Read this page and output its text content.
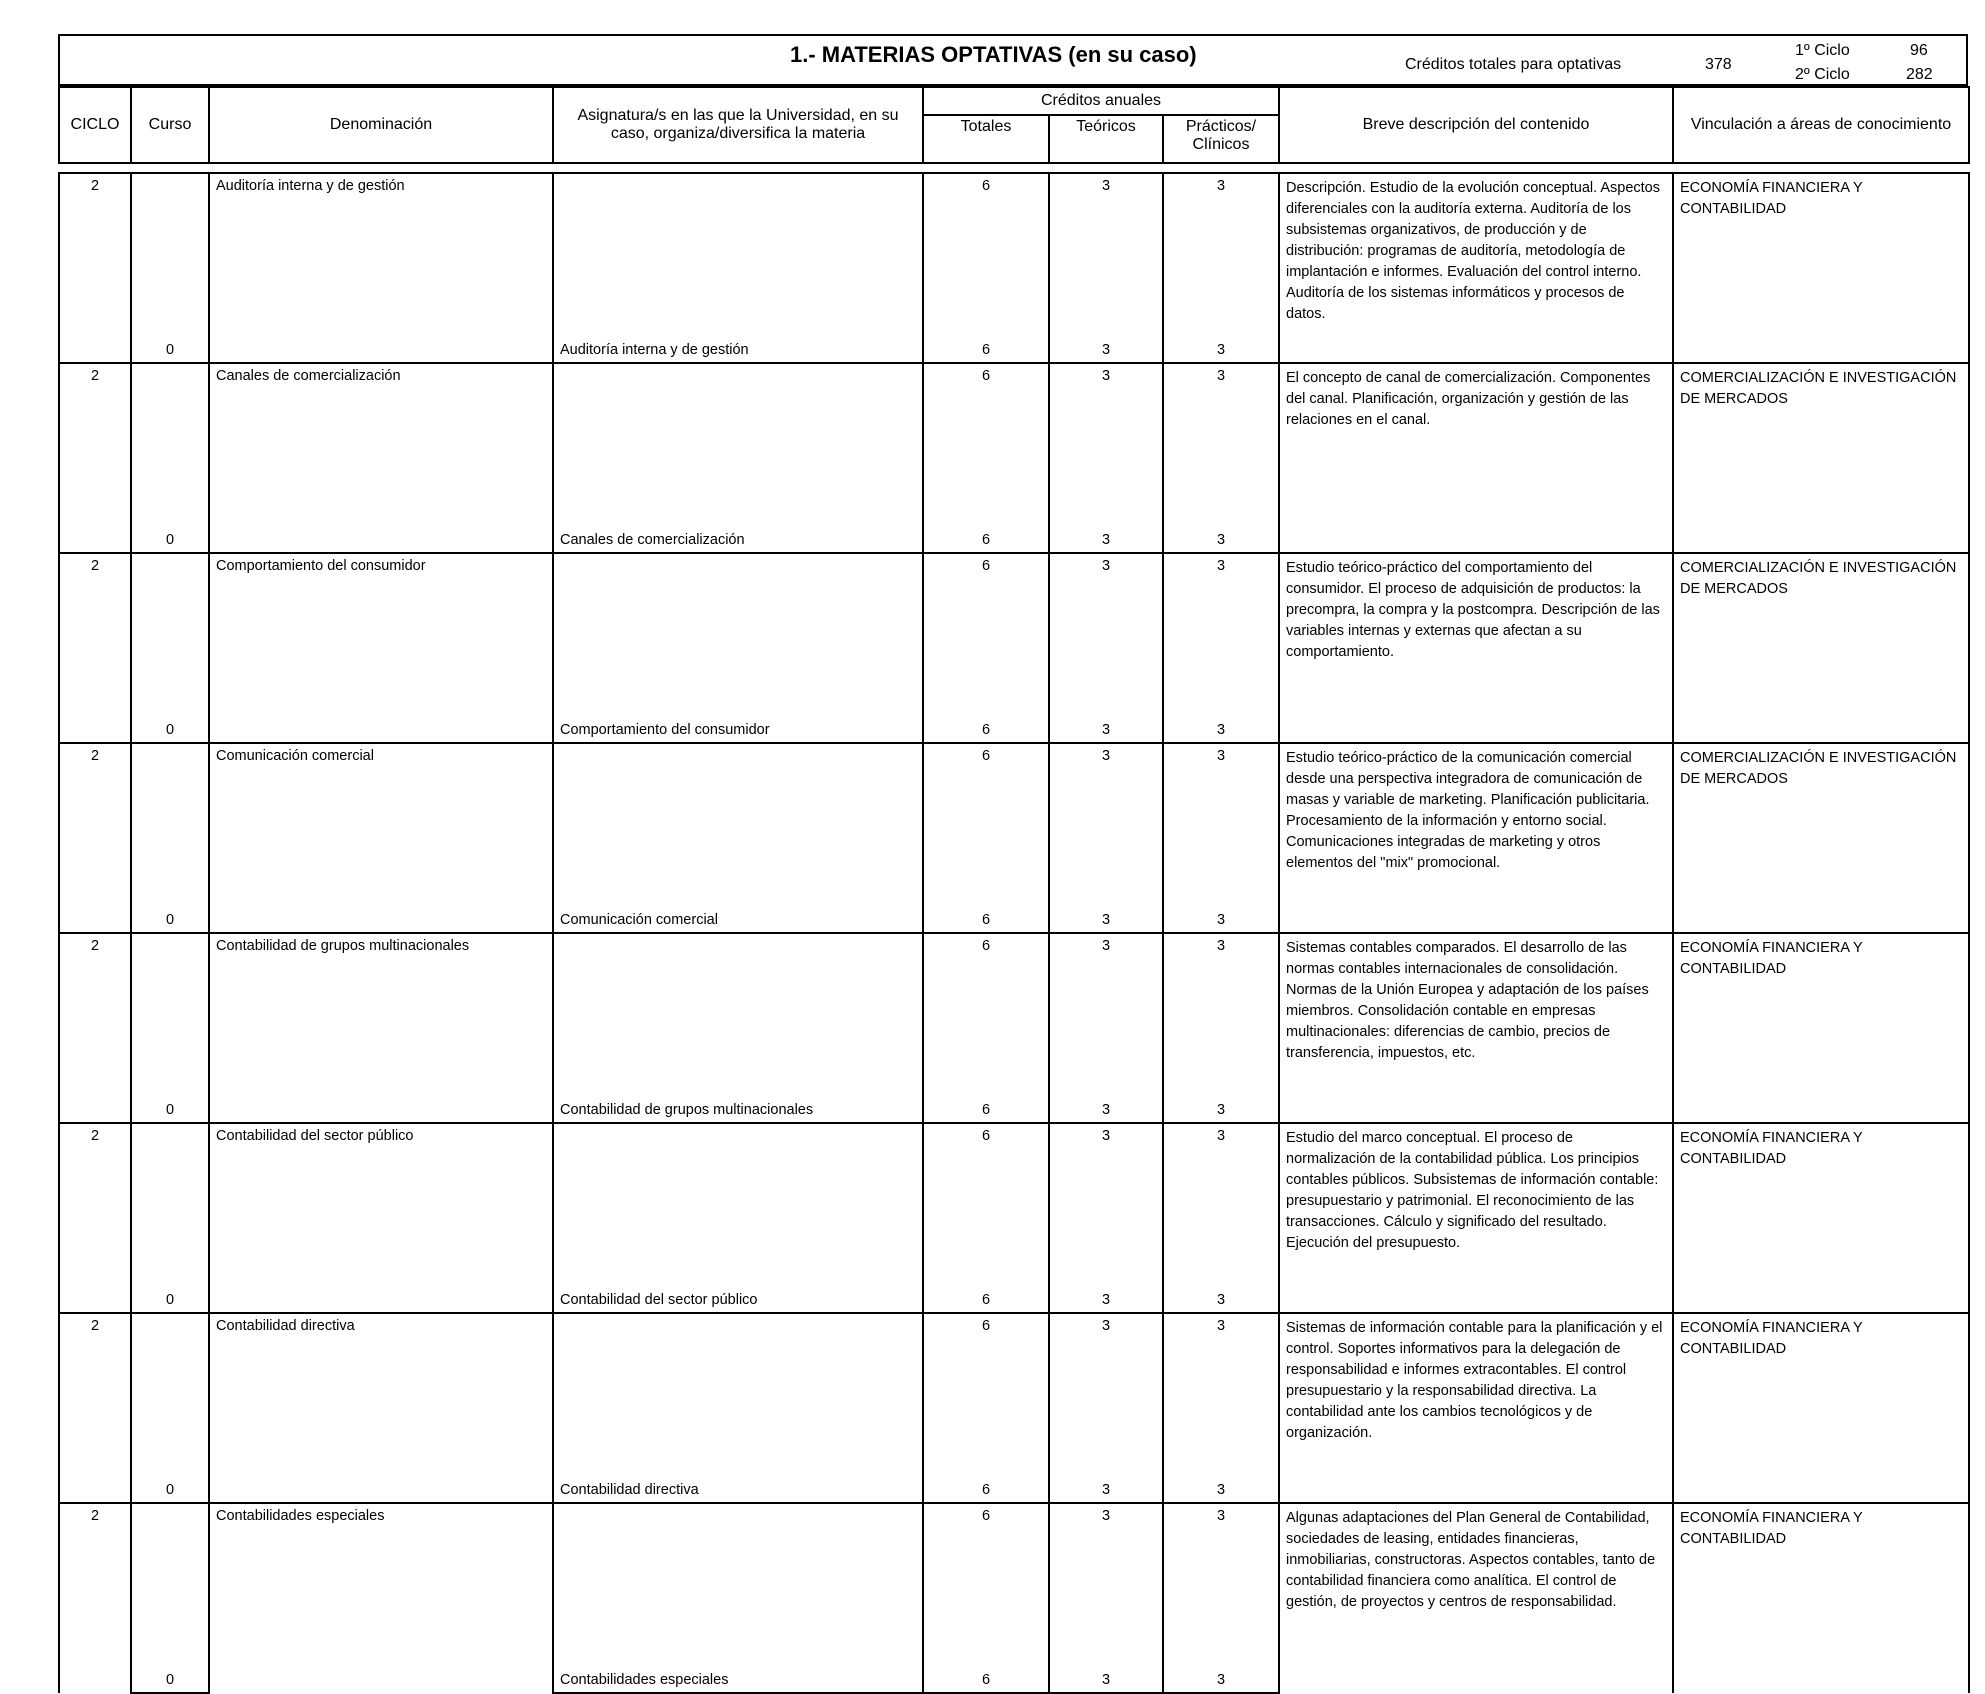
1.- MATERIAS OPTATIVAS (en su caso)	Créditos totales para optativas	378
1º Ciclo	96
2º Ciclo	282
CICLO	Curso	Denominación	Asignatura/s en las que la Universidad, en su caso, organiza/diversifica la materia	Créditos anuales			Breve descripción del contenido	Vinculación a áreas de conocimiento
				Totales	Teóricos	Prácticos/ Clínicos		
2		Auditoría interna y de gestión		6	3	3	Descripción. Estudio de la evolución conceptual. Aspectos diferenciales con la auditoría externa. Auditoría de los subsistemas organizativos, de producción y de distribución: programas de auditoría, metodología de implantación e informes. Evaluación del control interno. Auditoría de los sistemas informáticos y procesos de datos.	ECONOMÍA FINANCIERA Y CONTABILIDAD
	0		Auditoría interna y de gestión	6	3	3		
2		Canales de comercialización		6	3	3	El concepto de canal de comercialización. Componentes del canal. Planificación, organización y gestión de las relaciones en el canal.	COMERCIALIZACIÓN E INVESTIGACIÓN DE MERCADOS
	0		Canales de comercialización	6	3	3		
2		Comportamiento del consumidor		6	3	3	Estudio teórico-práctico del comportamiento del consumidor. El proceso de adquisición de productos: la precompra, la compra y la postcompra. Descripción de las variables internas y externas que afectan a su comportamiento.	COMERCIALIZACIÓN E INVESTIGACIÓN DE MERCADOS
	0		Comportamiento del consumidor	6	3	3		
2		Comunicación comercial		6	3	3	Estudio teórico-práctico de la comunicación comercial desde una perspectiva integradora de comunicación de masas y variable de marketing. Planificación publicitaria. Procesamiento de la información y entorno social. Comunicaciones integradas de marketing y otros elementos del "mix" promocional.	COMERCIALIZACIÓN E INVESTIGACIÓN DE MERCADOS
	0		Comunicación comercial	6	3	3		
2		Contabilidad de grupos multinacionales		6	3	3	Sistemas contables comparados. El desarrollo de las normas contables internacionales de consolidación. Normas de la Unión Europea y adaptación de los países miembros. Consolidación contable en empresas multinacionales: diferencias de cambio, precios de transferencia, impuestos, etc.	ECONOMÍA FINANCIERA Y CONTABILIDAD
	0		Contabilidad de grupos multinacionales	6	3	3		
2		Contabilidad del sector público		6	3	3	Estudio del marco conceptual. El proceso de normalización de la contabilidad pública. Los principios contables públicos. Subsistemas de información contable: presupuestario y patrimonial. El reconocimiento de las transacciones. Cálculo y significado del resultado. Ejecución del presupuesto.	ECONOMÍA FINANCIERA Y CONTABILIDAD
	0		Contabilidad del sector público	6	3	3		
2		Contabilidad directiva		6	3	3	Sistemas de información contable para la planificación y el control. Soportes informativos para la delegación de responsabilidad e informes extracontables. El control presupuestario y la responsabilidad directiva. La contabilidad ante los cambios tecnológicos y de organización.	ECONOMÍA FINANCIERA Y CONTABILIDAD
	0		Contabilidad directiva	6	3	3		
2		Contabilidades especiales		6	3	3	Algunas adaptaciones del Plan General de Contabilidad, sociedades de leasing, entidades financieras, inmobiliarias, constructoras. Aspectos contables, tanto de contabilidad financiera como analítica. El control de gestión, de proyectos y centros de responsabilidad.	ECONOMÍA FINANCIERA Y CONTABILIDAD
	0		Contabilidades especiales	6	3	3		
